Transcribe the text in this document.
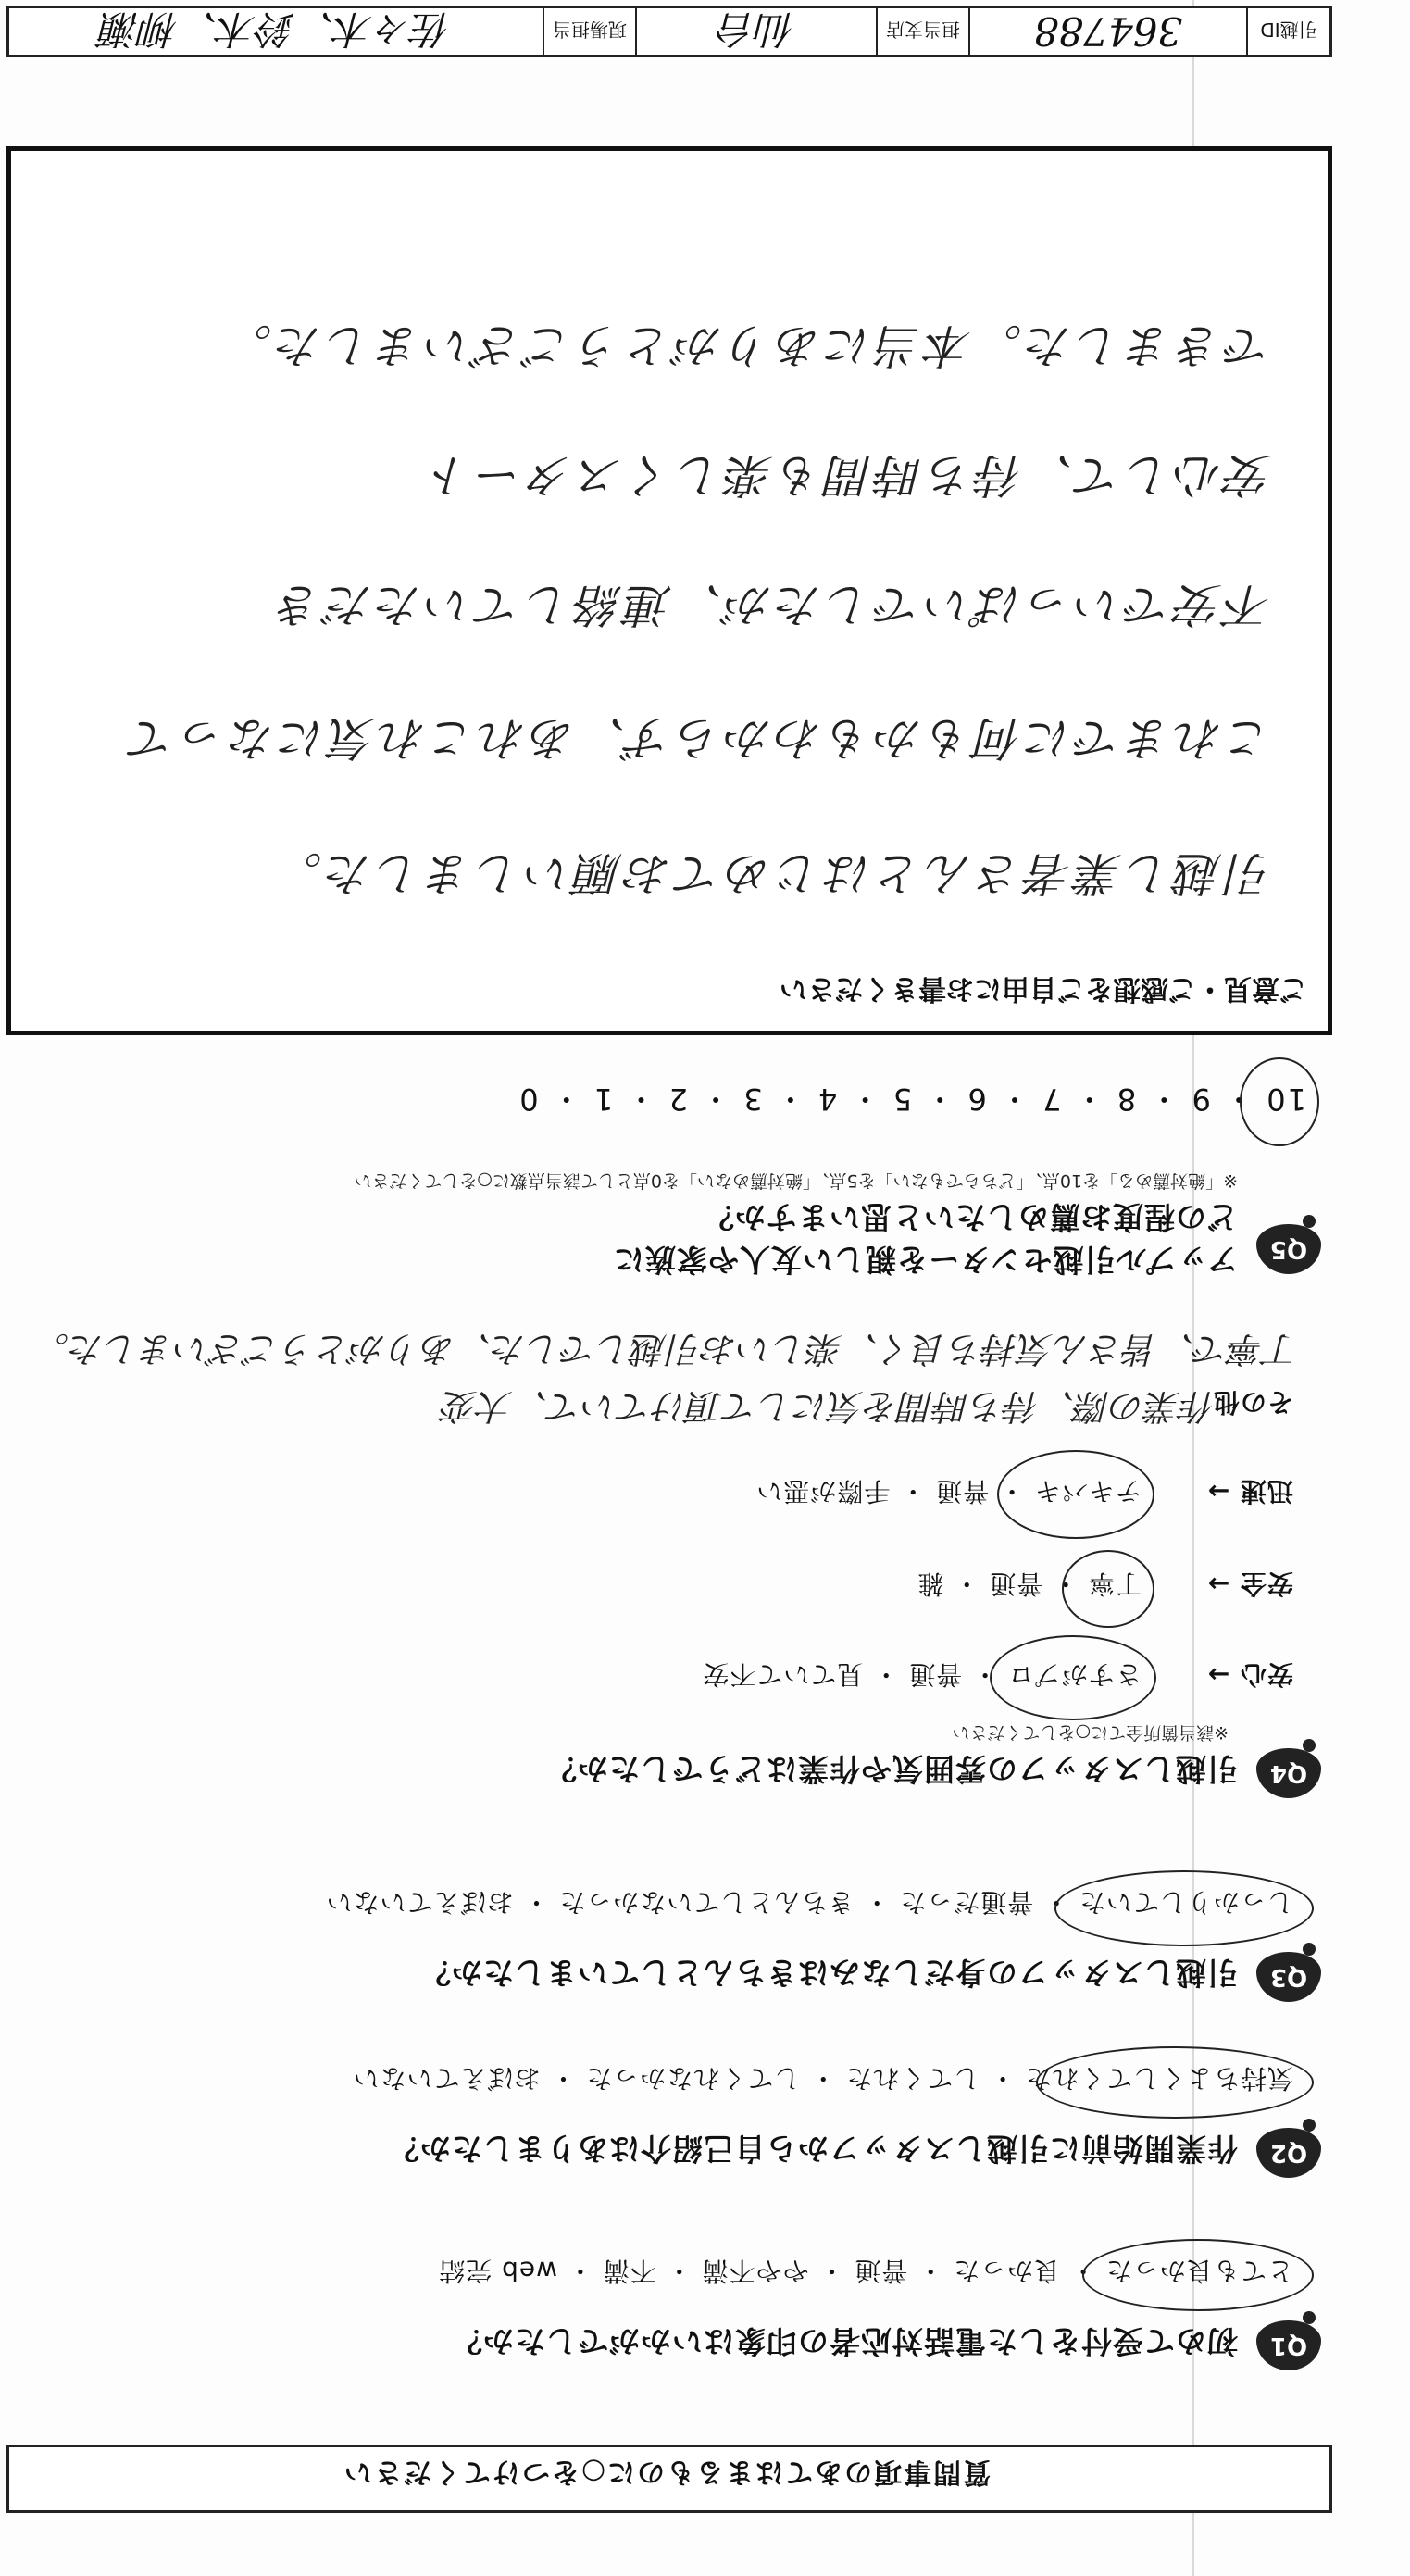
質問事項のあてはまるものに○をつけてください
Q1
初めて受付をした電話対応者の印象はいかがでしたか？
とても良かった ・ 良かった ・ 普通 ・ やや不満 ・ 不満 ・ web 完結
Q2
作業開始前に引越しスタッフから自己紹介はありましたか？
気持ちよくしてくれた ・ してくれた ・ してくれなかった ・ おぼえていない
Q3
引越しスタッフの身だしなみはきちんとしていましたか？
しっかりしていた ・ 普通だった ・ きちんとしていなかった ・ おぼえていない
Q4
引越しスタッフの雰囲気や作業はどうでしたか？
※該当箇所全てに○をしてください
安心 →
さすがプロ ・ 普通 ・ 見ていて不安
安全 →
丁寧 ・ 普通 ・ 雑
迅速 →
テキパキ ・ 普通 ・ 手際が悪い
その他
作業の際、待ち時間を気にして頂けていて、大変
丁寧で、皆さん気持ち良く、楽しいお引越しでした、ありがとうございました。
Q5
アップル引越センターを親しい友人や家族に
どの程度お薦めしたいと思いますか？
※「絶対薦める」を10点、「どちらでもない」を5点、「絶対薦めない」を0点として該当点数に○をしてください
10 ・ 9 ・ 8 ・ 7 ・ 6 ・ 5 ・ 4 ・ 3 ・ 2 ・ 1 ・ 0
ご意見・ご感想をご自由にお書きください
引越し業者さんとはじめてお願いしました。
これまでに何もかもわからず、あれこれ気になって
不安でいっぱいでしたが、連絡していただき
安心して、待ち時間も楽しくスタート
できました。本当にありがとうございました。
引越ID
364788
担当支店
仙台
現場担当
佐々木、鈴木、柳瀬
